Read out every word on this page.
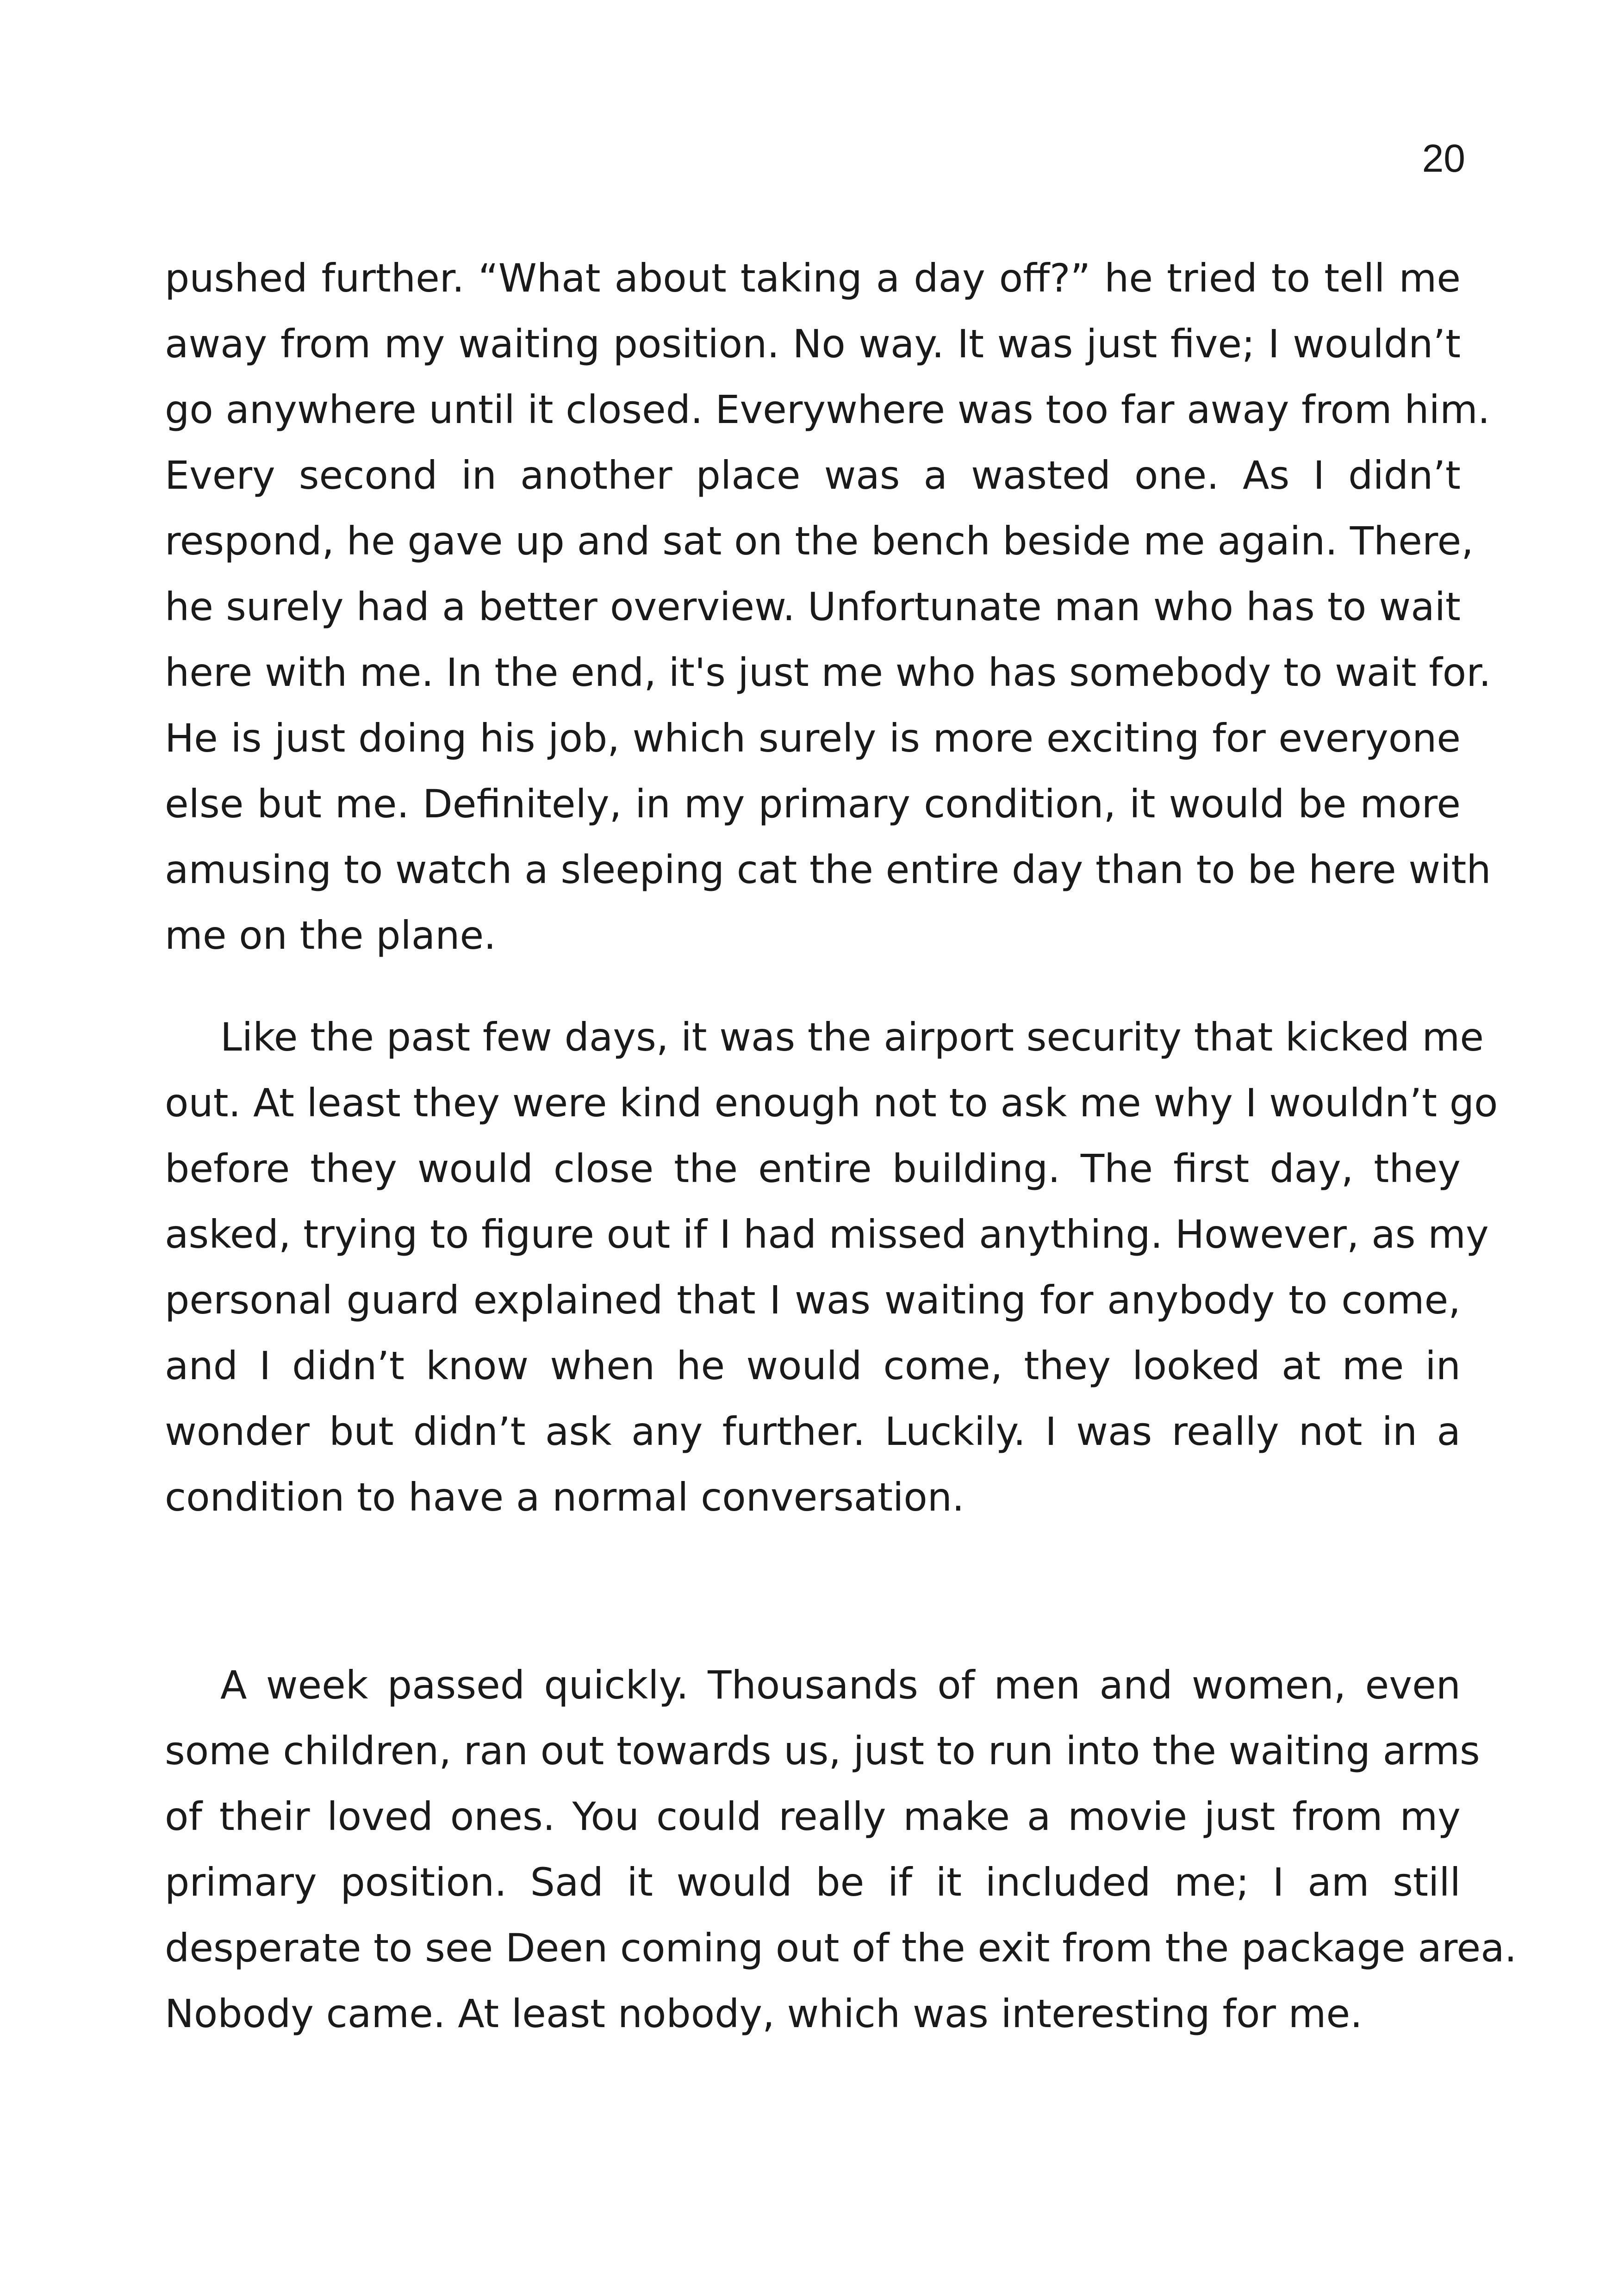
20
pushed further. “What about taking a day off?” he tried to tell me
away from my waiting position. No way. It was just five; I wouldn’t
go anywhere until it closed. Everywhere was too far away from him.
Every second in another place was a wasted one. As I didn’t
respond, he gave up and sat on the bench beside me again. There,
he surely had a better overview. Unfortunate man who has to wait
here with me. In the end, it's just me who has somebody to wait for.
He is just doing his job, which surely is more exciting for everyone
else but me. Definitely, in my primary condition, it would be more
amusing to watch a sleeping cat the entire day than to be here with
me on the plane.
Like the past few days, it was the airport security that kicked me
out. At least they were kind enough not to ask me why I wouldn’t go
before they would close the entire building. The first day, they
asked, trying to figure out if I had missed anything. However, as my
personal guard explained that I was waiting for anybody to come,
and I didn’t know when he would come, they looked at me in
wonder but didn’t ask any further. Luckily. I was really not in a
condition to have a normal conversation.
A week passed quickly. Thousands of men and women, even
some children, ran out towards us, just to run into the waiting arms
of their loved ones. You could really make a movie just from my
primary position. Sad it would be if it included me; I am still
desperate to see Deen coming out of the exit from the package area.
Nobody came. At least nobody, which was interesting for me.
